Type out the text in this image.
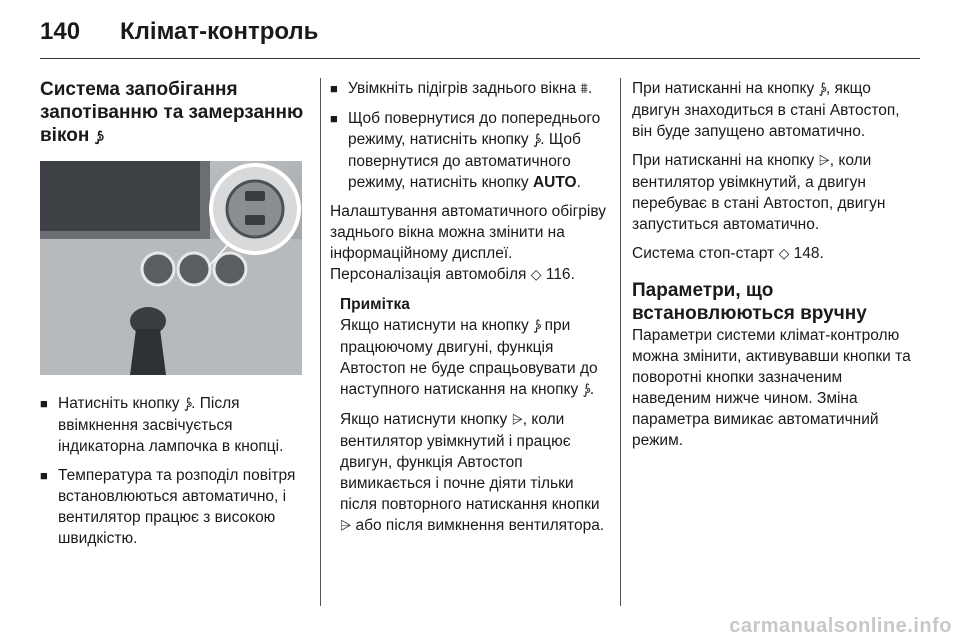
140 Клімат-контроль
Система запобігання запотіванню та замерзанню вікон ⨔
■ Натисніть кнопку ⨔. Після ввімкнення засвічується індикаторна лампочка в кнопці.
■ Температура та розподіл повітря встановлюються автоматично, і вентилятор працює з високою швидкістю.
■ Увімкніть підігрів заднього вікна ⩩.
■ Щоб повернутися до попереднього режиму, натисніть кнопку ⨔. Щоб повернутися до автоматичного режиму, натисніть кнопку AUTO.

Налаштування автоматичного обігріву заднього вікна можна змінити на інформаційному дисплеї. Персоналізація автомобіля ◇ 116.

Примітка

Якщо натиснути на кнопку ⨔ при працюючому двигуні, функція Автостоп не буде спрацьовувати до наступного натискання на кнопку ⨔.

Якщо натиснути кнопку ⩥, коли вентилятор увімкнутий і працює двигун, функція Автостоп вимикається і почне діяти тільки після повторного натискання кнопки ⩥ або після вимкнення вентилятора.

При натисканні на кнопку ⨔, якщо двигун знаходиться в стані Автостоп, він буде запущено автоматично.

При натисканні на кнопку ⩥, коли вентилятор увімкнутий, а двигун перебуває в стані Автостоп, двигун запуститься автоматично.

Система стоп-старт ◇ 148.

Параметри, що встановлюються вручну

Параметри системи клімат-контролю можна змінити, активувавши кнопки та поворотні кнопки зазначеним наведеним нижче чином. Зміна параметра вимикає автоматичний режим.

carmanualsonline.info
